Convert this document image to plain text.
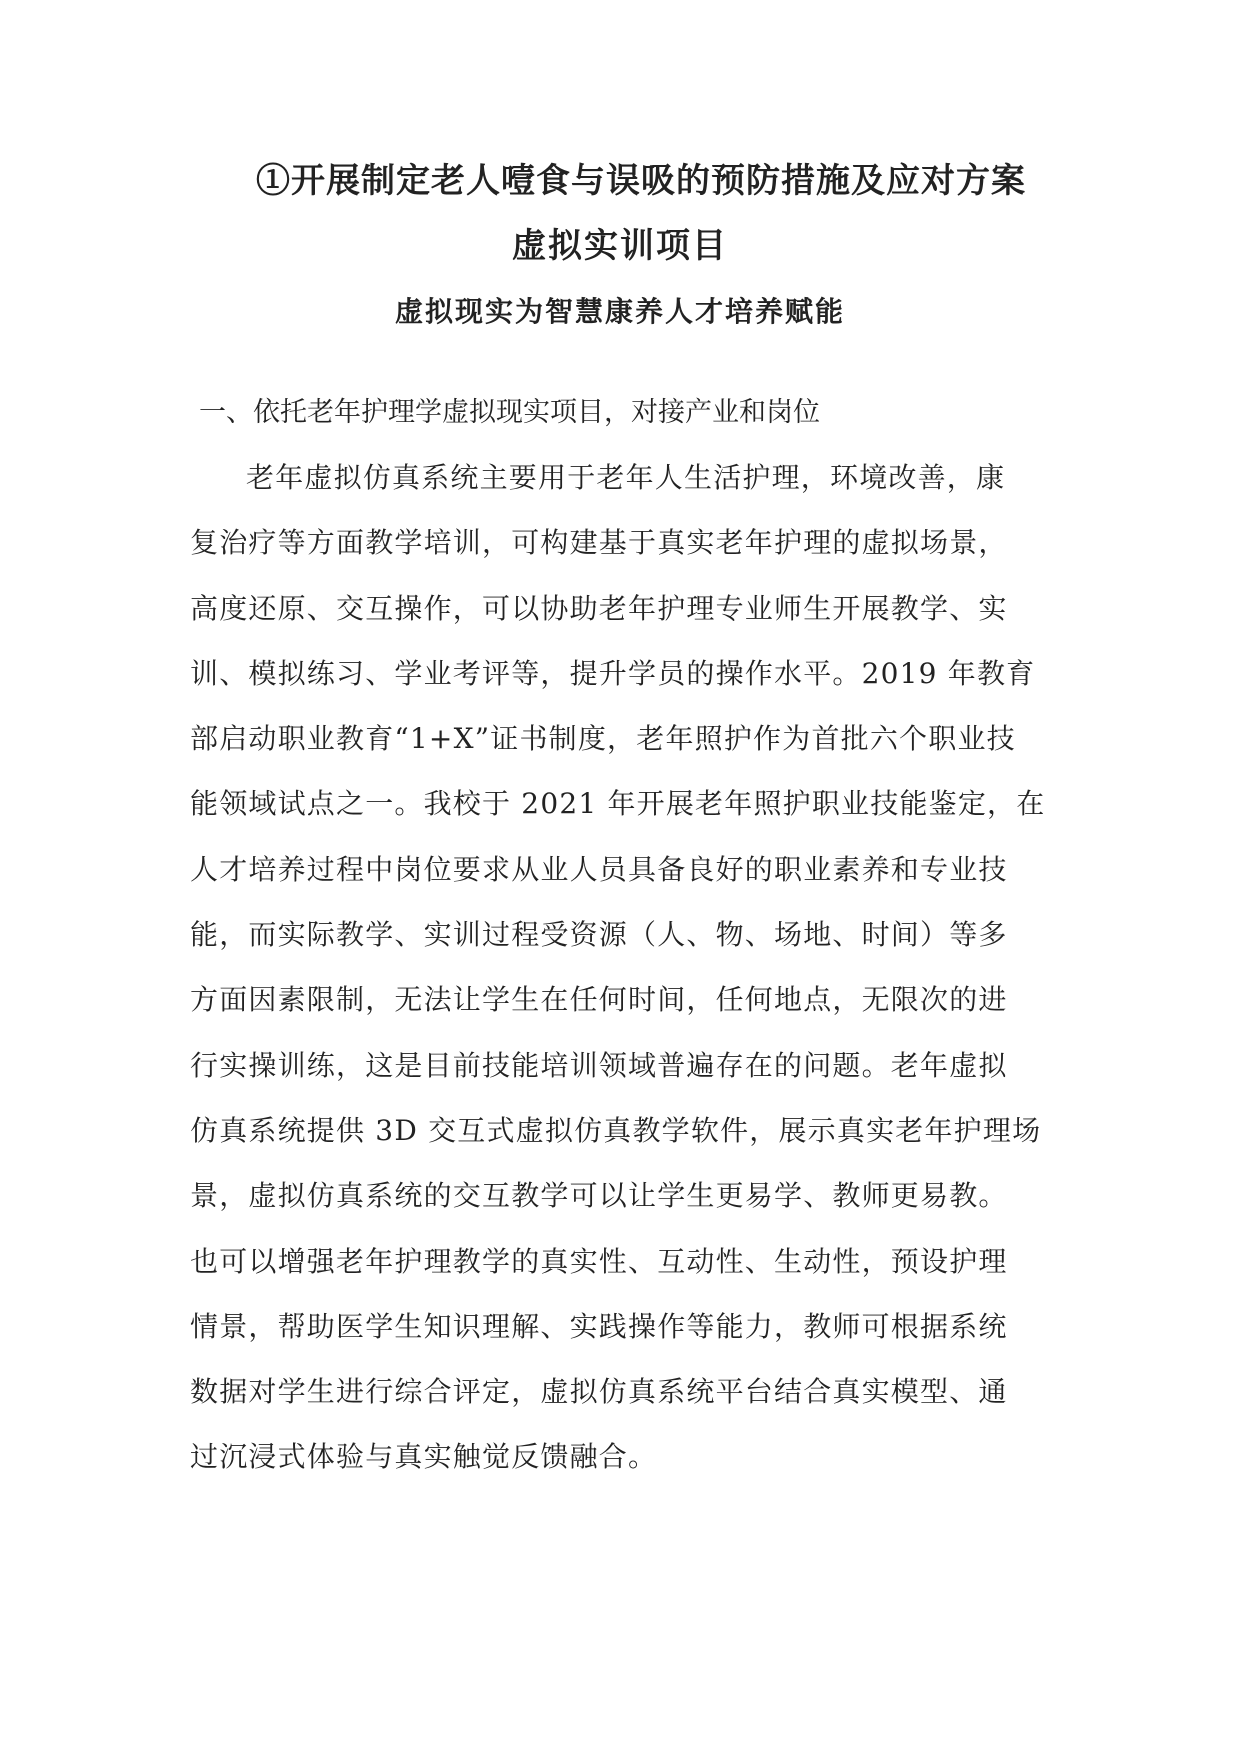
①开展制定老人噎食与误吸的预防措施及应对方案
虚拟实训项目
虚拟现实为智慧康养人才培养赋能
一、依托老年护理学虚拟现实项目，对接产业和岗位
老年虚拟仿真系统主要用于老年人生活护理，环境改善，康
复治疗等方面教学培训，可构建基于真实老年护理的虚拟场景，
高度还原、交互操作，可以协助老年护理专业师生开展教学、实
训、模拟练习、学业考评等，提升学员的操作水平。2019 年教育
部启动职业教育“1+X”证书制度，老年照护作为首批六个职业技
能领域试点之一。我校于 2021 年开展老年照护职业技能鉴定，在
人才培养过程中岗位要求从业人员具备良好的职业素养和专业技
能，而实际教学、实训过程受资源（人、物、场地、时间）等多
方面因素限制，无法让学生在任何时间，任何地点，无限次的进
行实操训练，这是目前技能培训领域普遍存在的问题。老年虚拟
仿真系统提供 3D 交互式虚拟仿真教学软件，展示真实老年护理场
景，虚拟仿真系统的交互教学可以让学生更易学、教师更易教。
也可以增强老年护理教学的真实性、互动性、生动性，预设护理
情景，帮助医学生知识理解、实践操作等能力，教师可根据系统
数据对学生进行综合评定，虚拟仿真系统平台结合真实模型、通
过沉浸式体验与真实触觉反馈融合。
